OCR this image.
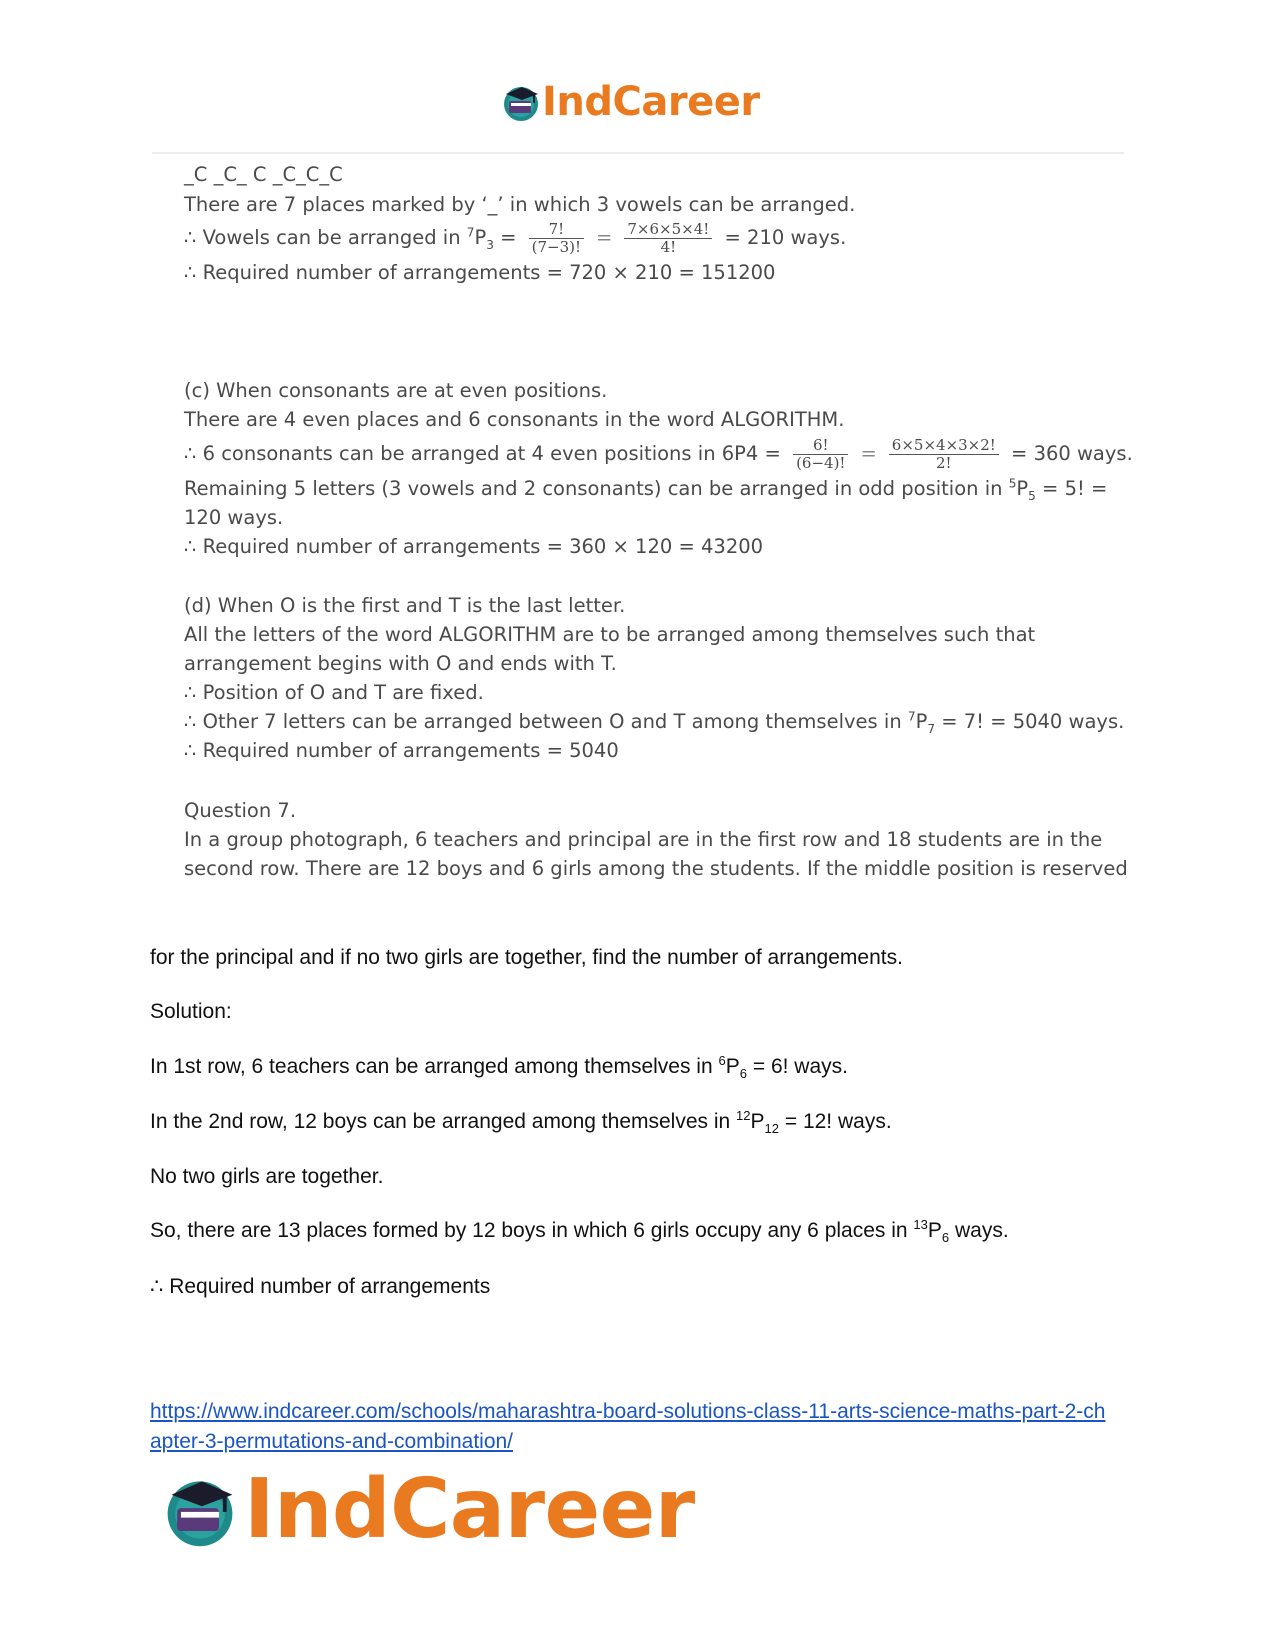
IndCareer
_C _C_ C _C_C_C
There are 7 places marked by ‘_’ in which 3 vowels can be arranged.
∴ Vowels can be arranged in $^7P_3 = \frac{7!}{(7-3)!} = \frac{7\times 6\times 5\times 4!}{4!} = 210$ ways.
∴ Required number of arrangements = 720 × 210 = 151200
(c) When consonants are at even positions.
There are 4 even places and 6 consonants in the word ALGORITHM.
∴ 6 consonants can be arranged at 4 even positions in $6P4 = \frac{6!}{(6-4)!} = \frac{6\times 5\times 4\times 3\times 2!}{2!} = 360$ ways.
Remaining 5 letters (3 vowels and 2 consonants) can be arranged in odd position in $^5P_5 = 5$! =
120 ways.
∴ Required number of arrangements = 360 × 120 = 43200
(d) When O is the first and T is the last letter.
All the letters of the word ALGORITHM are to be arranged among themselves such that
arrangement begins with O and ends with T.
∴ Position of O and T are fixed.
∴ Other 7 letters can be arranged between O and T among themselves in $^7P_7 = 7$! = 5040 ways.
∴ Required number of arrangements = 5040
Question 7.
In a group photograph, 6 teachers and principal are in the first row and 18 students are in the
second row. There are 12 boys and 6 girls among the students. If the middle position is reserved
for the principal and if no two girls are together, find the number of arrangements.
Solution:
In 1st row, 6 teachers can be arranged among themselves in $^6P_6 = 6$! ways.
In the 2nd row, 12 boys can be arranged among themselves in $^{12}P_{12} = 12$! ways.
No two girls are together.
So, there are 13 places formed by 12 boys in which 6 girls occupy any 6 places in $^{13}P_6$ ways.
∴ Required number of arrangements
https://www.indcareer.com/schools/maharashtra-board-solutions-class-11-arts-science-maths-part-2-chapter-3-permutations-and-combination/
IndCareer
